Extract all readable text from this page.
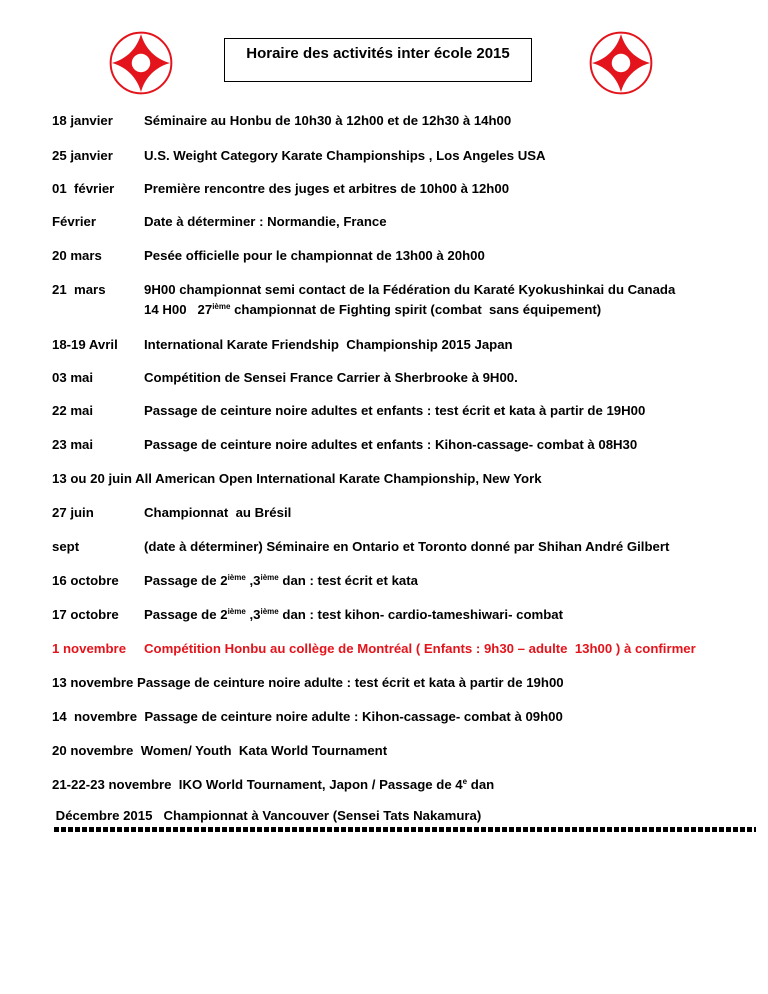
Horaire des activités inter école 2015
18 janvier Séminaire au Honbu de 10h30 à 12h00 et de 12h30 à 14h00
25 janvier U.S. Weight Category Karate Championships , Los Angeles USA
01  février Première rencontre des juges et arbitres de 10h00 à 12h00
Février	Date à déterminer : Normandie, France
20 mars	Pesée officielle pour le championnat de 13h00 à 20h00
21  mars	9H00 championnat semi contact de la Fédération du Karaté Kyokushinkai du Canada
14 H00   27ième championnat de Fighting spirit (combat  sans équipement)
18-19 Avril International Karate Friendship  Championship 2015 Japan
03 mai	Compétition de Sensei France Carrier à Sherbrooke à 9H00.
22 mai	Passage de ceinture noire adultes et enfants : test écrit et kata à partir de 19H00
23 mai	Passage de ceinture noire adultes et enfants : Kihon-cassage- combat à 08H30
13 ou 20 juin All American Open International Karate Championship, New York
27 juin	Championnat  au Brésil
sept	(date à déterminer) Séminaire en Ontario et Toronto donné par Shihan André Gilbert
16 octobre Passage de 2ième ,3ième dan : test écrit et kata
17 octobre Passage de 2ième ,3ième dan : test kihon- cardio-tameshiwari- combat
1 novembre Compétition Honbu au collège de Montréal ( Enfants : 9h30 – adulte  13h00 ) à confirmer
13 novembre Passage de ceinture noire adulte : test écrit et kata à partir de 19h00
14  novembre  Passage de ceinture noire adulte : Kihon-cassage- combat à 09h00
20 novembre  Women/ Youth  Kata World Tournament
21-22-23 novembre  IKO World Tournament, Japon / Passage de 4e dan
Décembre 2015   Championnat à Vancouver (Sensei Tats Nakamura)
